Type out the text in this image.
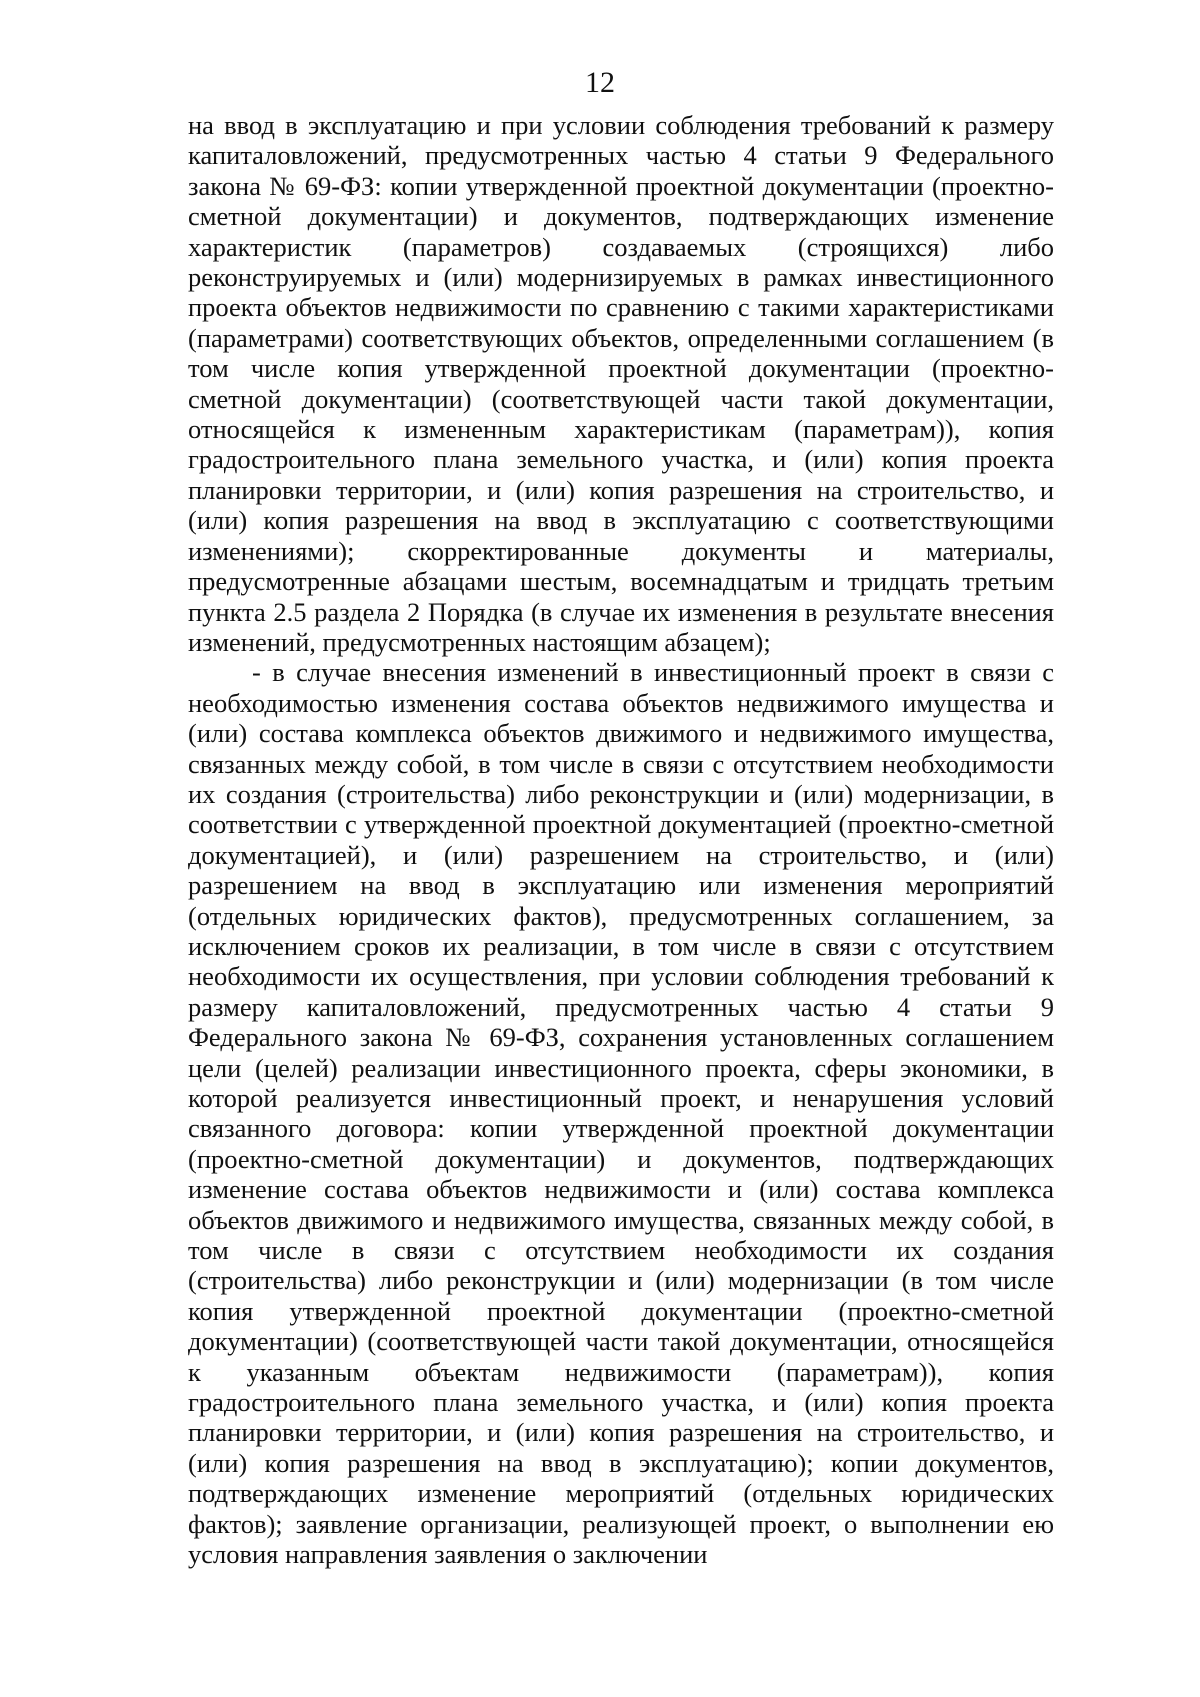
12

на ввод в эксплуатацию и при условии соблюдения требований к размеру капиталовложений, предусмотренных частью 4 статьи 9 Федерального закона № 69-ФЗ: копии утвержденной проектной документации (проектно-сметной документации) и документов, подтверждающих изменение характеристик (параметров) создаваемых (строящихся) либо реконструируемых и (или) модернизируемых в рамках инвестиционного проекта объектов недвижимости по сравнению с такими характеристиками (параметрами) соответствующих объектов, определенными соглашением (в том числе копия утвержденной проектной документации (проектно-сметной документации) (соответствующей части такой документации, относящейся к измененным характеристикам (параметрам)), копия градостроительного плана земельного участка, и (или) копия проекта планировки территории, и (или) копия разрешения на строительство, и (или) копия разрешения на ввод в эксплуатацию с соответствующими изменениями); скорректированные документы и материалы, предусмотренные абзацами шестым, восемнадцатым и тридцать третьим пункта 2.5 раздела 2 Порядка (в случае их изменения в результате внесения изменений, предусмотренных настоящим абзацем);

- в случае внесения изменений в инвестиционный проект в связи с необходимостью изменения состава объектов недвижимого имущества и (или) состава комплекса объектов движимого и недвижимого имущества, связанных между собой, в том числе в связи с отсутствием необходимости их создания (строительства) либо реконструкции и (или) модернизации, в соответствии с утвержденной проектной документацией (проектно-сметной документацией), и (или) разрешением на строительство, и (или) разрешением на ввод в эксплуатацию или изменения мероприятий (отдельных юридических фактов), предусмотренных соглашением, за исключением сроков их реализации, в том числе в связи с отсутствием необходимости их осуществления, при условии соблюдения требований к размеру капиталовложений, предусмотренных частью 4 статьи 9 Федерального закона № 69-ФЗ, сохранения установленных соглашением цели (целей) реализации инвестиционного проекта, сферы экономики, в которой реализуется инвестиционный проект, и ненарушения условий связанного договора: копии утвержденной проектной документации (проектно-сметной документации) и документов, подтверждающих изменение состава объектов недвижимости и (или) состава комплекса объектов движимого и недвижимого имущества, связанных между собой, в том числе в связи с отсутствием необходимости их создания (строительства) либо реконструкции и (или) модернизации (в том числе копия утвержденной проектной документации (проектно-сметной документации) (соответствующей части такой документации, относящейся к указанным объектам недвижимости (параметрам)), копия градостроительного плана земельного участка, и (или) копия проекта планировки территории, и (или) копия разрешения на строительство, и (или) копия разрешения на ввод в эксплуатацию); копии документов, подтверждающих изменение мероприятий (отдельных юридических фактов); заявление организации, реализующей проект, о выполнении ею условия направления заявления о заключении
